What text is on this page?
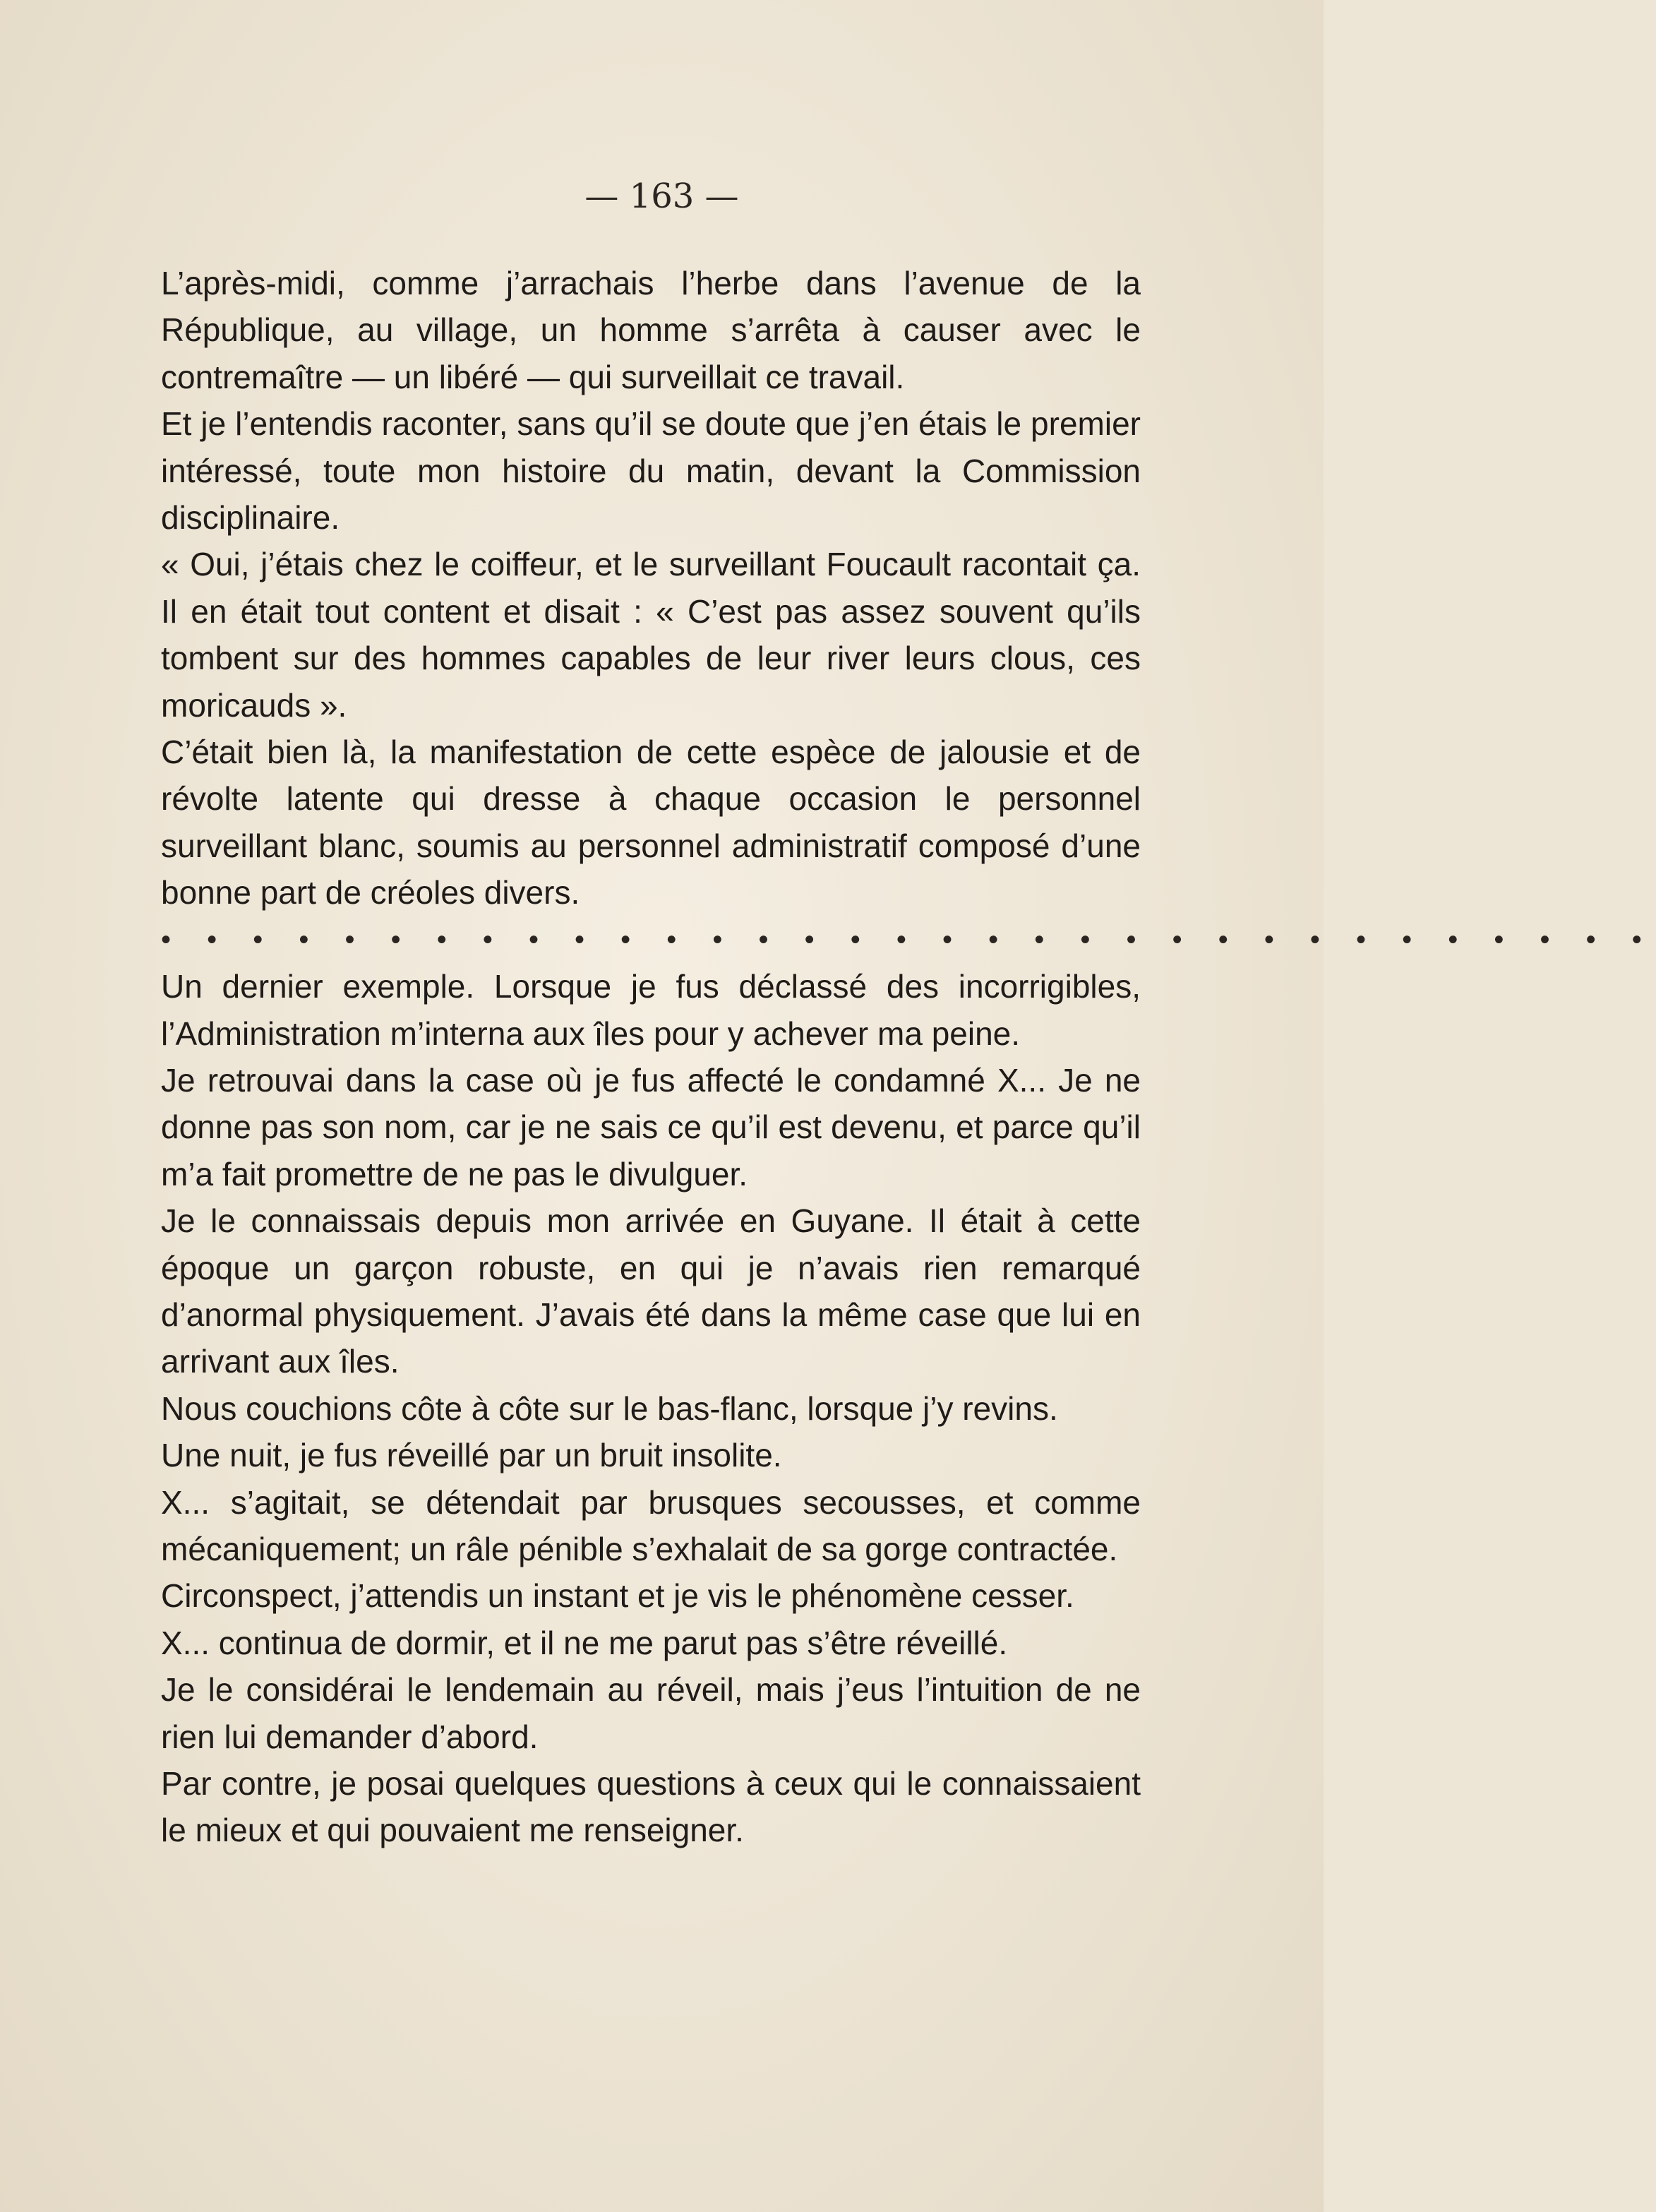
— 163 —

L’après-midi, comme j’arrachais l’herbe dans l’avenue de la République, au village, un homme s’arrêta à causer avec le contremaître — un libéré — qui surveillait ce travail.

Et je l’entendis raconter, sans qu’il se doute que j’en étais le premier intéressé, toute mon histoire du matin, devant la Commission disciplinaire.

« Oui, j’étais chez le coiffeur, et le surveillant Foucault racontait ça. Il en était tout content et disait : « C’est pas assez souvent qu’ils tombent sur des hommes capables de leur river leurs clous, ces moricauds ».

C’était bien là, la manifestation de cette espèce de jalousie et de révolte latente qui dresse à chaque occasion le personnel surveillant blanc, soumis au personnel administratif composé d’une bonne part de créoles divers.

• • • • • • • • • • • • • • • • • • • • • • • • • • • • • • • • •

Un dernier exemple. Lorsque je fus déclassé des incorrigibles, l’Administration m’interna aux îles pour y achever ma peine.

Je retrouvai dans la case où je fus affecté le condamné X... Je ne donne pas son nom, car je ne sais ce qu’il est devenu, et parce qu’il m’a fait promettre de ne pas le divulguer.

Je le connaissais depuis mon arrivée en Guyane. Il était à cette époque un garçon robuste, en qui je n’avais rien remarqué d’anormal physiquement. J’avais été dans la même case que lui en arrivant aux îles.

Nous couchions côte à côte sur le bas-flanc, lorsque j’y revins.

Une nuit, je fus réveillé par un bruit insolite.

X... s’agitait, se détendait par brusques secousses, et comme mécaniquement; un râle pénible s’exhalait de sa gorge contractée.

Circonspect, j’attendis un instant et je vis le phénomène cesser.

X... continua de dormir, et il ne me parut pas s’être réveillé.

Je le considérai le lendemain au réveil, mais j’eus l’intuition de ne rien lui demander d’abord.

Par contre, je posai quelques questions à ceux qui le connaissaient le mieux et qui pouvaient me renseigner.
